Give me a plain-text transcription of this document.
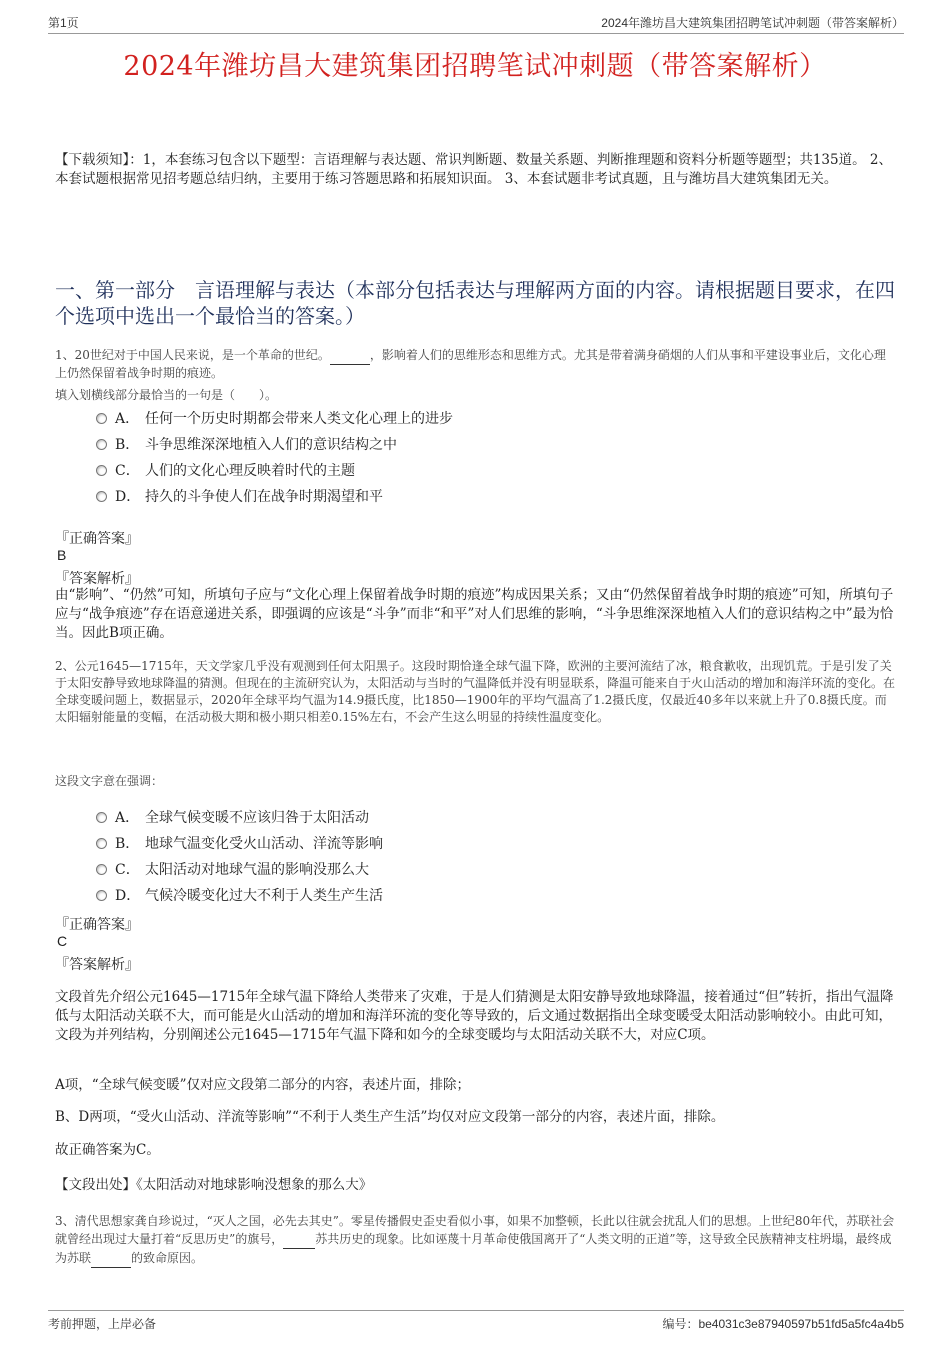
第1页	2024年潍坊昌大建筑集团招聘笔试冲刺题（带答案解析）
2024年潍坊昌大建筑集团招聘笔试冲刺题（带答案解析）
【下载须知】：1，本套练习包含以下题型：言语理解与表达题、常识判断题、数量关系题、判断推理题和资料分析题等题型；共135道。 2、本套试题根据常见招考题总结归纳，主要用于练习答题思路和拓展知识面。 3、本套试题非考试真题，且与潍坊昌大建筑集团无关。
一、第一部分　言语理解与表达（本部分包括表达与理解两方面的内容。请根据题目要求，在四个选项中选出一个最恰当的答案。）
1、20世纪对于中国人民来说，是一个革命的世纪。	，影响着人们的思维形态和思维方式。尤其是带着满身硝烟的人们从事和平建设事业后，文化心理上仍然保留着战争时期的痕迹。
填入划横线部分最恰当的一句是（　　）。
A． 任何一个历史时期都会带来人类文化心理上的进步
B． 斗争思维深深地植入人们的意识结构之中
C． 人们的文化心理反映着时代的主题
D． 持久的斗争使人们在战争时期渴望和平
『正确答案』
B
『答案解析』
由“影响”、“仍然”可知，所填句子应与“文化心理上保留着战争时期的痕迹”构成因果关系；又由“仍然保留着战争时期的痕迹”可知，所填句子应与“战争痕迹”存在语意递进关系，即强调的应该是“斗争”而非“和平”对人们思维的影响，“斗争思维深深地植入人们的意识结构之中”最为恰当。因此B项正确。
2、公元1645—1715年，天文学家几乎没有观测到任何太阳黑子。这段时期恰逢全球气温下降，欧洲的主要河流结了冰，粮食歉收，出现饥荒。于是引发了关于太阳安静导致地球降温的猜测。但现在的主流研究认为，太阳活动与当时的气温降低并没有明显联系，降温可能来自于火山活动的增加和海洋环流的变化。在全球变暖问题上，数据显示，2020年全球平均气温为14.9摄氏度，比1850—1900年的平均气温高了1.2摄氏度，仅最近40多年以来就上升了0.8摄氏度。而太阳辐射能量的变幅，在活动极大期和极小期只相差0.15%左右，不会产生这么明显的持续性温度变化。
这段文字意在强调：
A． 全球气候变暖不应该归咎于太阳活动
B． 地球气温变化受火山活动、洋流等影响
C． 太阳活动对地球气温的影响没那么大
D． 气候冷暖变化过大不利于人类生产生活
『正确答案』
C
『答案解析』
文段首先介绍公元1645—1715年全球气温下降给人类带来了灾难，于是人们猜测是太阳安静导致地球降温，接着通过“但”转折，指出气温降低与太阳活动关联不大，而可能是火山活动的增加和海洋环流的变化等导致的，后文通过数据指出全球变暖受太阳活动影响较小。由此可知，文段为并列结构，分别阐述公元1645—1715年气温下降和如今的全球变暖均与太阳活动关联不大，对应C项。
A项，“全球气候变暖”仅对应文段第二部分的内容，表述片面，排除；
B、D两项，“受火山活动、洋流等影响”“不利于人类生产生活”均仅对应文段第一部分的内容，表述片面，排除。
故正确答案为C。
【文段出处】《太阳活动对地球影响没想象的那么大》
3、清代思想家龚自珍说过，“灭人之国，必先去其史”。零星传播假史歪史看似小事，如果不加整顿，长此以往就会扰乱人们的思想。上世纪80年代，苏联社会就曾经出现过大量打着“反思历史”的旗号，	苏共历史的现象。比如诬蔑十月革命使俄国离开了“人类文明的正道”等，这导致全民族精神支柱坍塌，最终成为苏联	的致命原因。
考前押题，上岸必备	编号：be4031c3e87940597b51fd5a5fc4a4b5
